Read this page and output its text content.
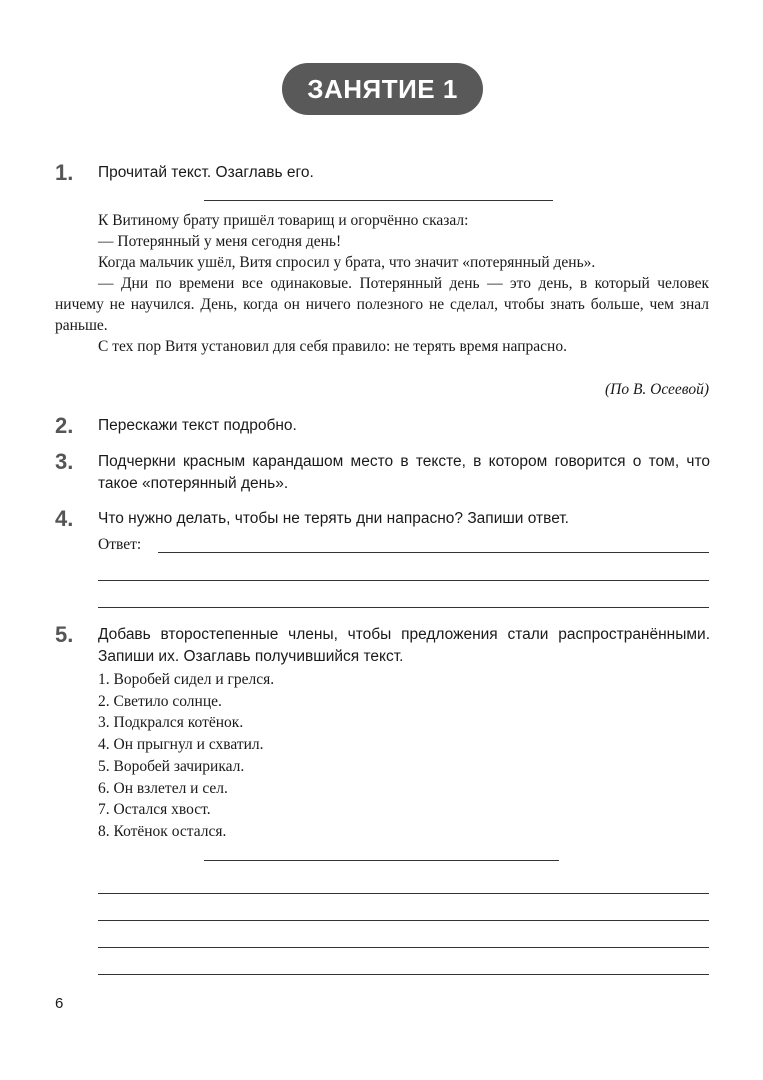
ЗАНЯТИЕ 1
1. Прочитай текст. Озаглавь его.

К Витиному брату пришёл товарищ и огорчённо сказал:

— Потерянный у меня сегодня день!

Когда мальчик ушёл, Витя спросил у брата, что значит «потерянный день».

— Дни по времени все одинаковые. Потерянный день — это день, в который человек ничему не научился. День, когда он ничего полезного не сделал, чтобы знать больше, чем знал раньше.

С тех пор Витя установил для себя правило: не терять время напрасно.

(По В. Осеевой)
2. Перескажи текст подробно.
3. Подчеркни красным карандашом место в тексте, в котором говорится о том, что такое «потерянный день».
4. Что нужно делать, чтобы не терять дни напрасно? Запиши ответ.
Ответ:
5. Добавь второстепенные члены, чтобы предложения стали распространёнными. Запиши их. Озаглавь получившийся текст.
1. Воробей сидел и грелся.
2. Светило солнце.
3. Подкрался котёнок.
4. Он прыгнул и схватил.
5. Воробей зачирикал.
6. Он взлетел и сел.
7. Остался хвост.
8. Котёнок остался.
6
